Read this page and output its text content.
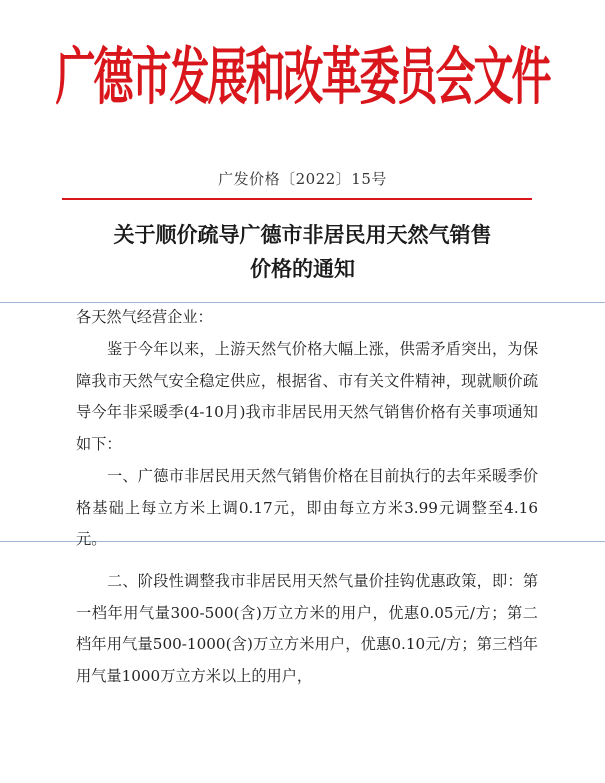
广德市发展和改革委员会文件
广发价格〔2022〕15号
关于顺价疏导广德市非居民用天然气销售
价格的通知
各天然气经营企业：
鉴于今年以来，上游天然气价格大幅上涨，供需矛盾突出，为保障我市天然气安全稳定供应，根据省、市有关文件精神，现就顺价疏导今年非采暖季(4-10月)我市非居民用天然气销售价格有关事项通知如下：
一、广德市非居民用天然气销售价格在目前执行的去年采暖季价格基础上每立方米上调0.17元，即由每立方米3.99元调整至4.16元。
二、阶段性调整我市非居民用天然气量价挂钩优惠政策，即：第一档年用气量300-500(含)万立方米的用户，优惠0.05元/方；第二档年用气量500-1000(含)万立方米用户，优惠0.10元/方；第三档年用气量1000万立方米以上的用户，
